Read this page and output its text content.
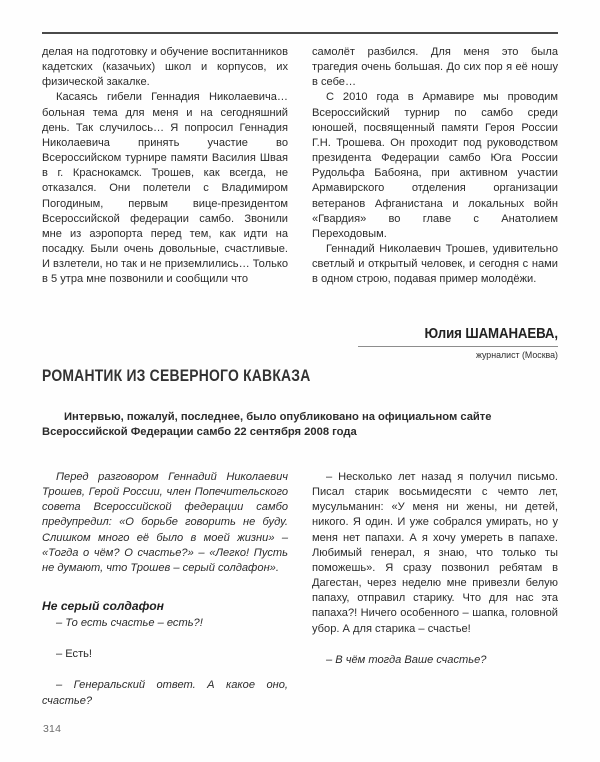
делая на подготовку и обучение воспитанников кадетских (казачьих) школ и корпусов, их физической закалке.

Касаясь гибели Геннадия Николаевича… больная тема для меня и на сегодняшний день. Так случилось… Я попросил Геннадия Николаевича принять участие во Всероссийском турнире памяти Василия Швая в г. Краснокамск. Трошев, как всегда, не отказался. Они полетели с Владимиром Погодиным, первым вице-президентом Всероссийской федерации самбо. Звонили мне из аэропорта перед тем, как идти на посадку. Были очень довольные, счастливые. И взлетели, но так и не приземлились… Только в 5 утра мне позвонили и сообщили что

самолёт разбился. Для меня это была трагедия очень большая. До сих пор я её ношу в себе…

С 2010 года в Армавире мы проводим Всероссийский турнир по самбо среди юношей, посвященный памяти Героя России Г.Н. Трошева. Он проходит под руководством президента Федерации самбо Юга России Рудольфа Бабояна, при активном участии Армавирского отделения организации ветеранов Афганистана и локальных войн «Гвардия» во главе с Анатолием Переходовым.

Геннадий Николаевич Трошев, удивительно светлый и открытый человек, и сегодня с нами в одном строю, подавая пример молодёжи.

Юлия ШАМАНАЕВА,
журналист (Москва)
РОМАНТИК ИЗ СЕВЕРНОГО КАВКАЗА

Интервью, пожалуй, последнее, было опубликовано на официальном сайте Всероссийской Федерации самбо 22 сентября 2008 года

Перед разговором Геннадий Николаевич Трошев, Герой России, член Попечительского совета Всероссийской федерации самбо предупредил: «О борьбе говорить не буду. Слишком много её было в моей жизни» – «Тогда о чём? О счастье?» – «Легко! Пусть не думают, что Трошев – серый солдафон».

Не серый солдафон

– То есть счастье – есть?!

– Есть!

– Генеральский ответ. А какое оно, счастье?

– Несколько лет назад я получил письмо. Писал старик восьмидесяти с чемто лет, мусульманин: «У меня ни жены, ни детей, никого. Я один. И уже собрался умирать, но у меня нет папахи. А я хочу умереть в папахе. Любимый генерал, я знаю, что только ты поможешь». Я сразу позвонил ребятам в Дагестан, через неделю мне привезли белую папаху, отправил старику. Что для нас эта папаха?! Ничего особенного – шапка, головной убор. А для старика – счастье!

– В чём тогда Ваше счастье?

314
